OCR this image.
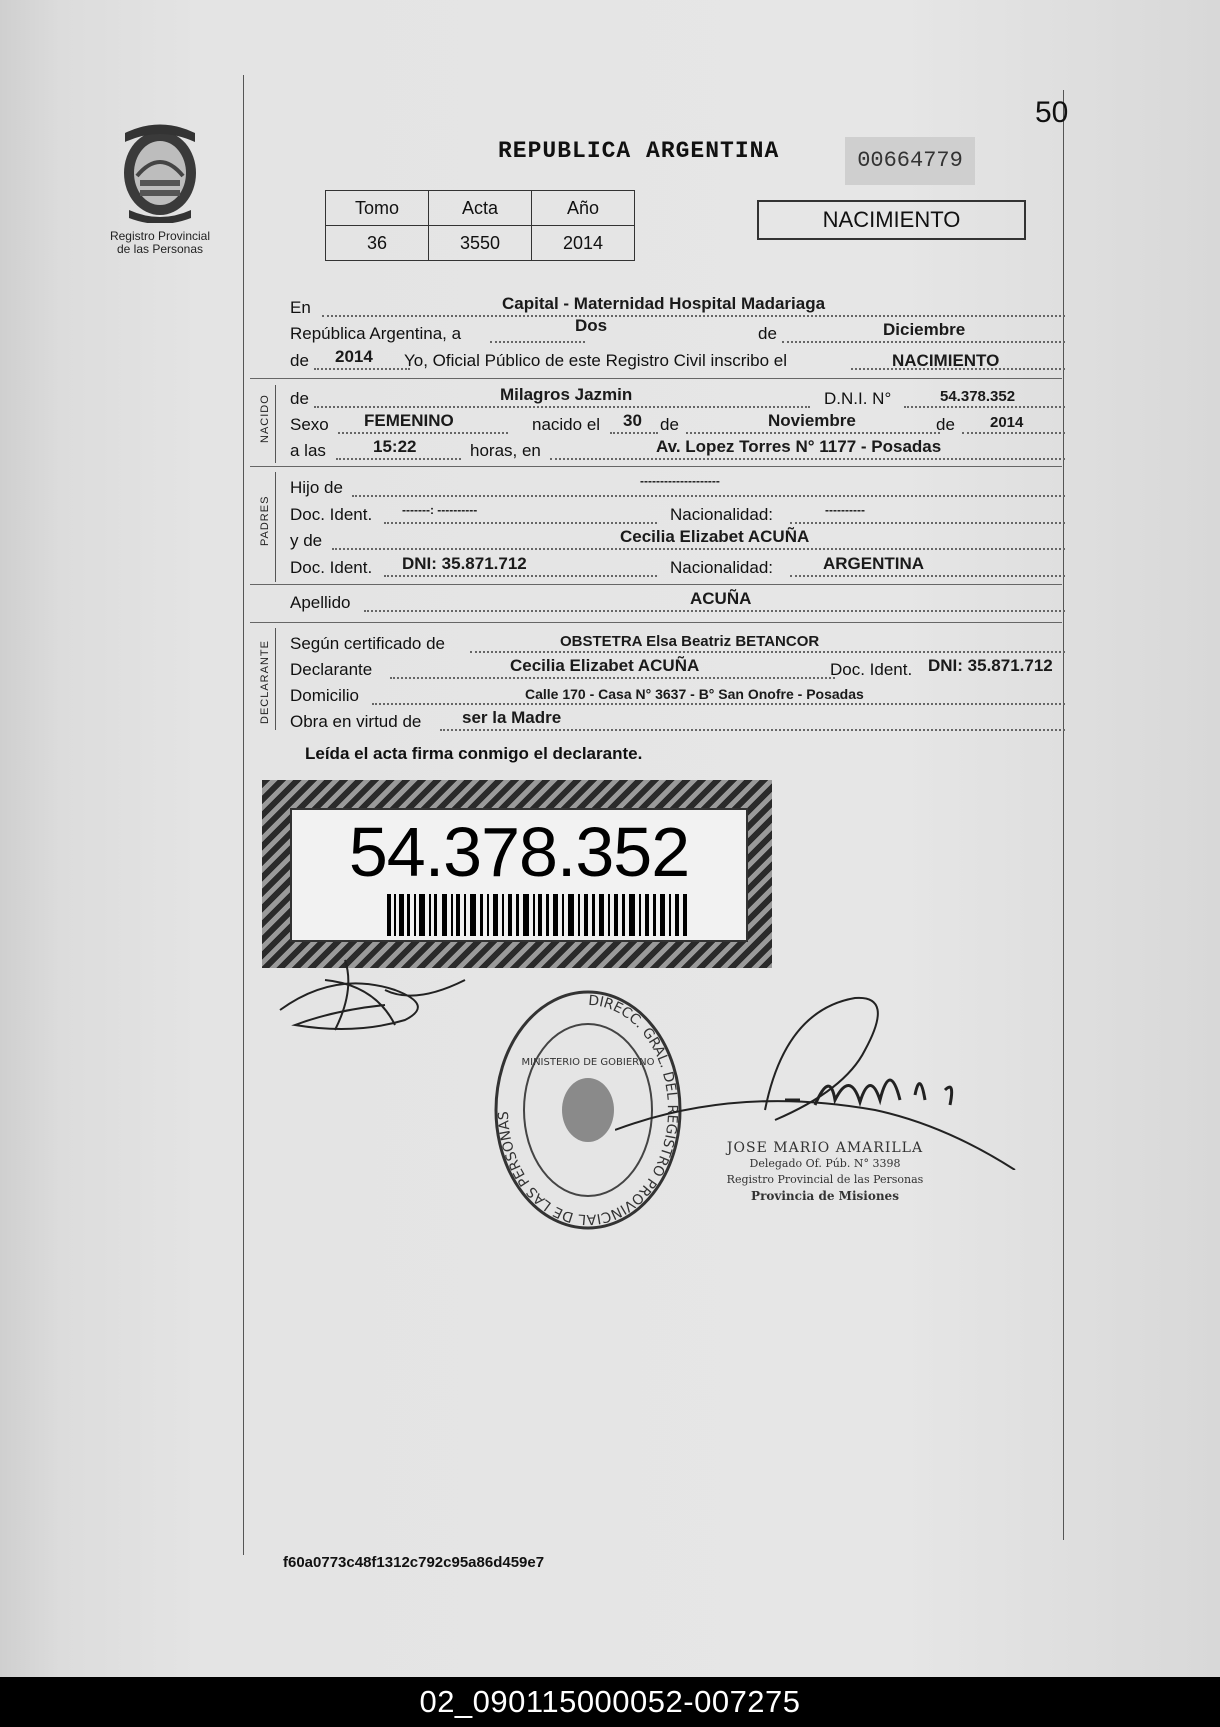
50
Registro Provincial
de las Personas
REPUBLICA ARGENTINA	00664779
Tomo	Acta	Año
36	3550	2014
NACIMIENTO
NACIDO
PADRES
DECLARANTE
En	Capital - Maternidad Hospital Madariaga
República Argentina, a	Dos	de	Diciembre
de 2014 Yo, Oficial Público de este Registro Civil inscribo el	NACIMIENTO
de	Milagros Jazmin	D.N.I. N°	54.378.352
Sexo FEMENINO	nacido el 30 de	Noviembre	de 2014
a las	15:22	horas, en	Av. Lopez Torres N° 1177 - Posadas
Hijo de	--------------------
Doc. Ident. -------: ----------	Nacionalidad:	----------
y de	Cecilia Elizabet ACUÑA
Doc. Ident. DNI: 35.871.712	Nacionalidad:	ARGENTINA
Apellido	ACUÑA
Según certificado de	OBSTETRA Elsa Beatriz BETANCOR
Declarante	Cecilia Elizabet ACUÑA	Doc. Ident. DNI: 35.871.712
Domicilio	Calle 170 - Casa N° 3637 - B° San Onofre - Posadas
Obra en virtud de ser la Madre
Leída el acta firma conmigo el declarante.
54.378.352
DIRECC. GRAL. DEL REGISTRO PROVINCIAL DE LAS PERSONAS
MINISTERIO DE GOBIERNO
JOSE MARIO AMARILLA
Delegado Of. Púb. N° 3398
Registro Provincial de las Personas
Provincia de Misiones
f60a0773c48f1312c792c95a86d459e7
02_090115000052-007275
